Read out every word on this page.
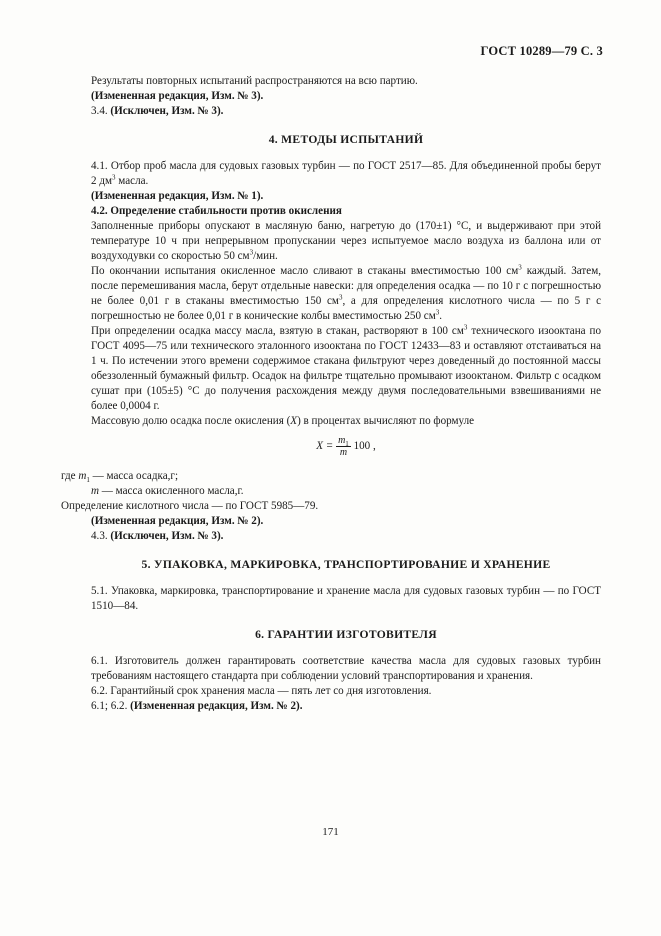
ГОСТ 10289—79 С. 3

Результаты повторных испытаний распространяются на всю партию.

(Измененная редакция, Изм. № 3).

3.4. (Исключен, Изм. № 3).

4. МЕТОДЫ ИСПЫТАНИЙ

4.1. Отбор проб масла для судовых газовых турбин — по ГОСТ 2517—85. Для объединенной пробы берут 2 $дм^3$ масла.

(Измененная редакция, Изм. № 1).

4.2. Определение стабильности против окисления

Заполненные приборы опускают в масляную баню, нагретую до (170±1) °С, и выдерживают при этой температуре 10 ч при непрерывном пропускании через испытуемое масло воздуха из баллона или от воздуходувки со скоростью 50 $см^3$/мин.

По окончании испытания окисленное масло сливают в стаканы вместимостью 100 $см^3$ каждый. Затем, после перемешивания масла, берут отдельные навески: для определения осадка — по 10 г с погрешностью не более 0,01 г в стаканы вместимостью 150 $см^3$, а для определения кислотного числа — по 5 г с погрешностью не более 0,01 г в конические колбы вместимостью 250 $см^3$.

При определении осадка массу масла, взятую в стакан, растворяют в 100 $см^3$ технического изооктана по ГОСТ 4095—75 или технического эталонного изооктана по ГОСТ 12433—83 и оставляют отстаиваться на 1 ч. По истечении этого времени содержимое стакана фильтруют через доведенный до постоянной массы обеззоленный бумажный фильтр. Осадок на фильтре тщательно промывают изооктаном. Фильтр с осадком сушат при (105±5) °С до получения расхождения между двумя последовательными взвешиваниями не более 0,0004 г.

Массовую долю осадка после окисления (X) в процентах вычисляют по формуле

$X = \frac{m_1}{m} 100$ ,

где $m_1$ — масса осадка,г;

m — масса окисленного масла,г.

Определение кислотного числа — по ГОСТ 5985—79.

(Измененная редакция, Изм. № 2).

4.3. (Исключен, Изм. № 3).

5. УПАКОВКА, МАРКИРОВКА, ТРАНСПОРТИРОВАНИЕ И ХРАНЕНИЕ

5.1. Упаковка, маркировка, транспортирование и хранение масла для судовых газовых турбин — по ГОСТ 1510—84.

6. ГАРАНТИИ ИЗГОТОВИТЕЛЯ

6.1. Изготовитель должен гарантировать соответствие качества масла для судовых газовых турбин требованиям настоящего стандарта при соблюдении условий транспортирования и хранения.

6.2. Гарантийный срок хранения масла — пять лет со дня изготовления.

6.1; 6.2. (Измененная редакция, Изм. № 2).

171
